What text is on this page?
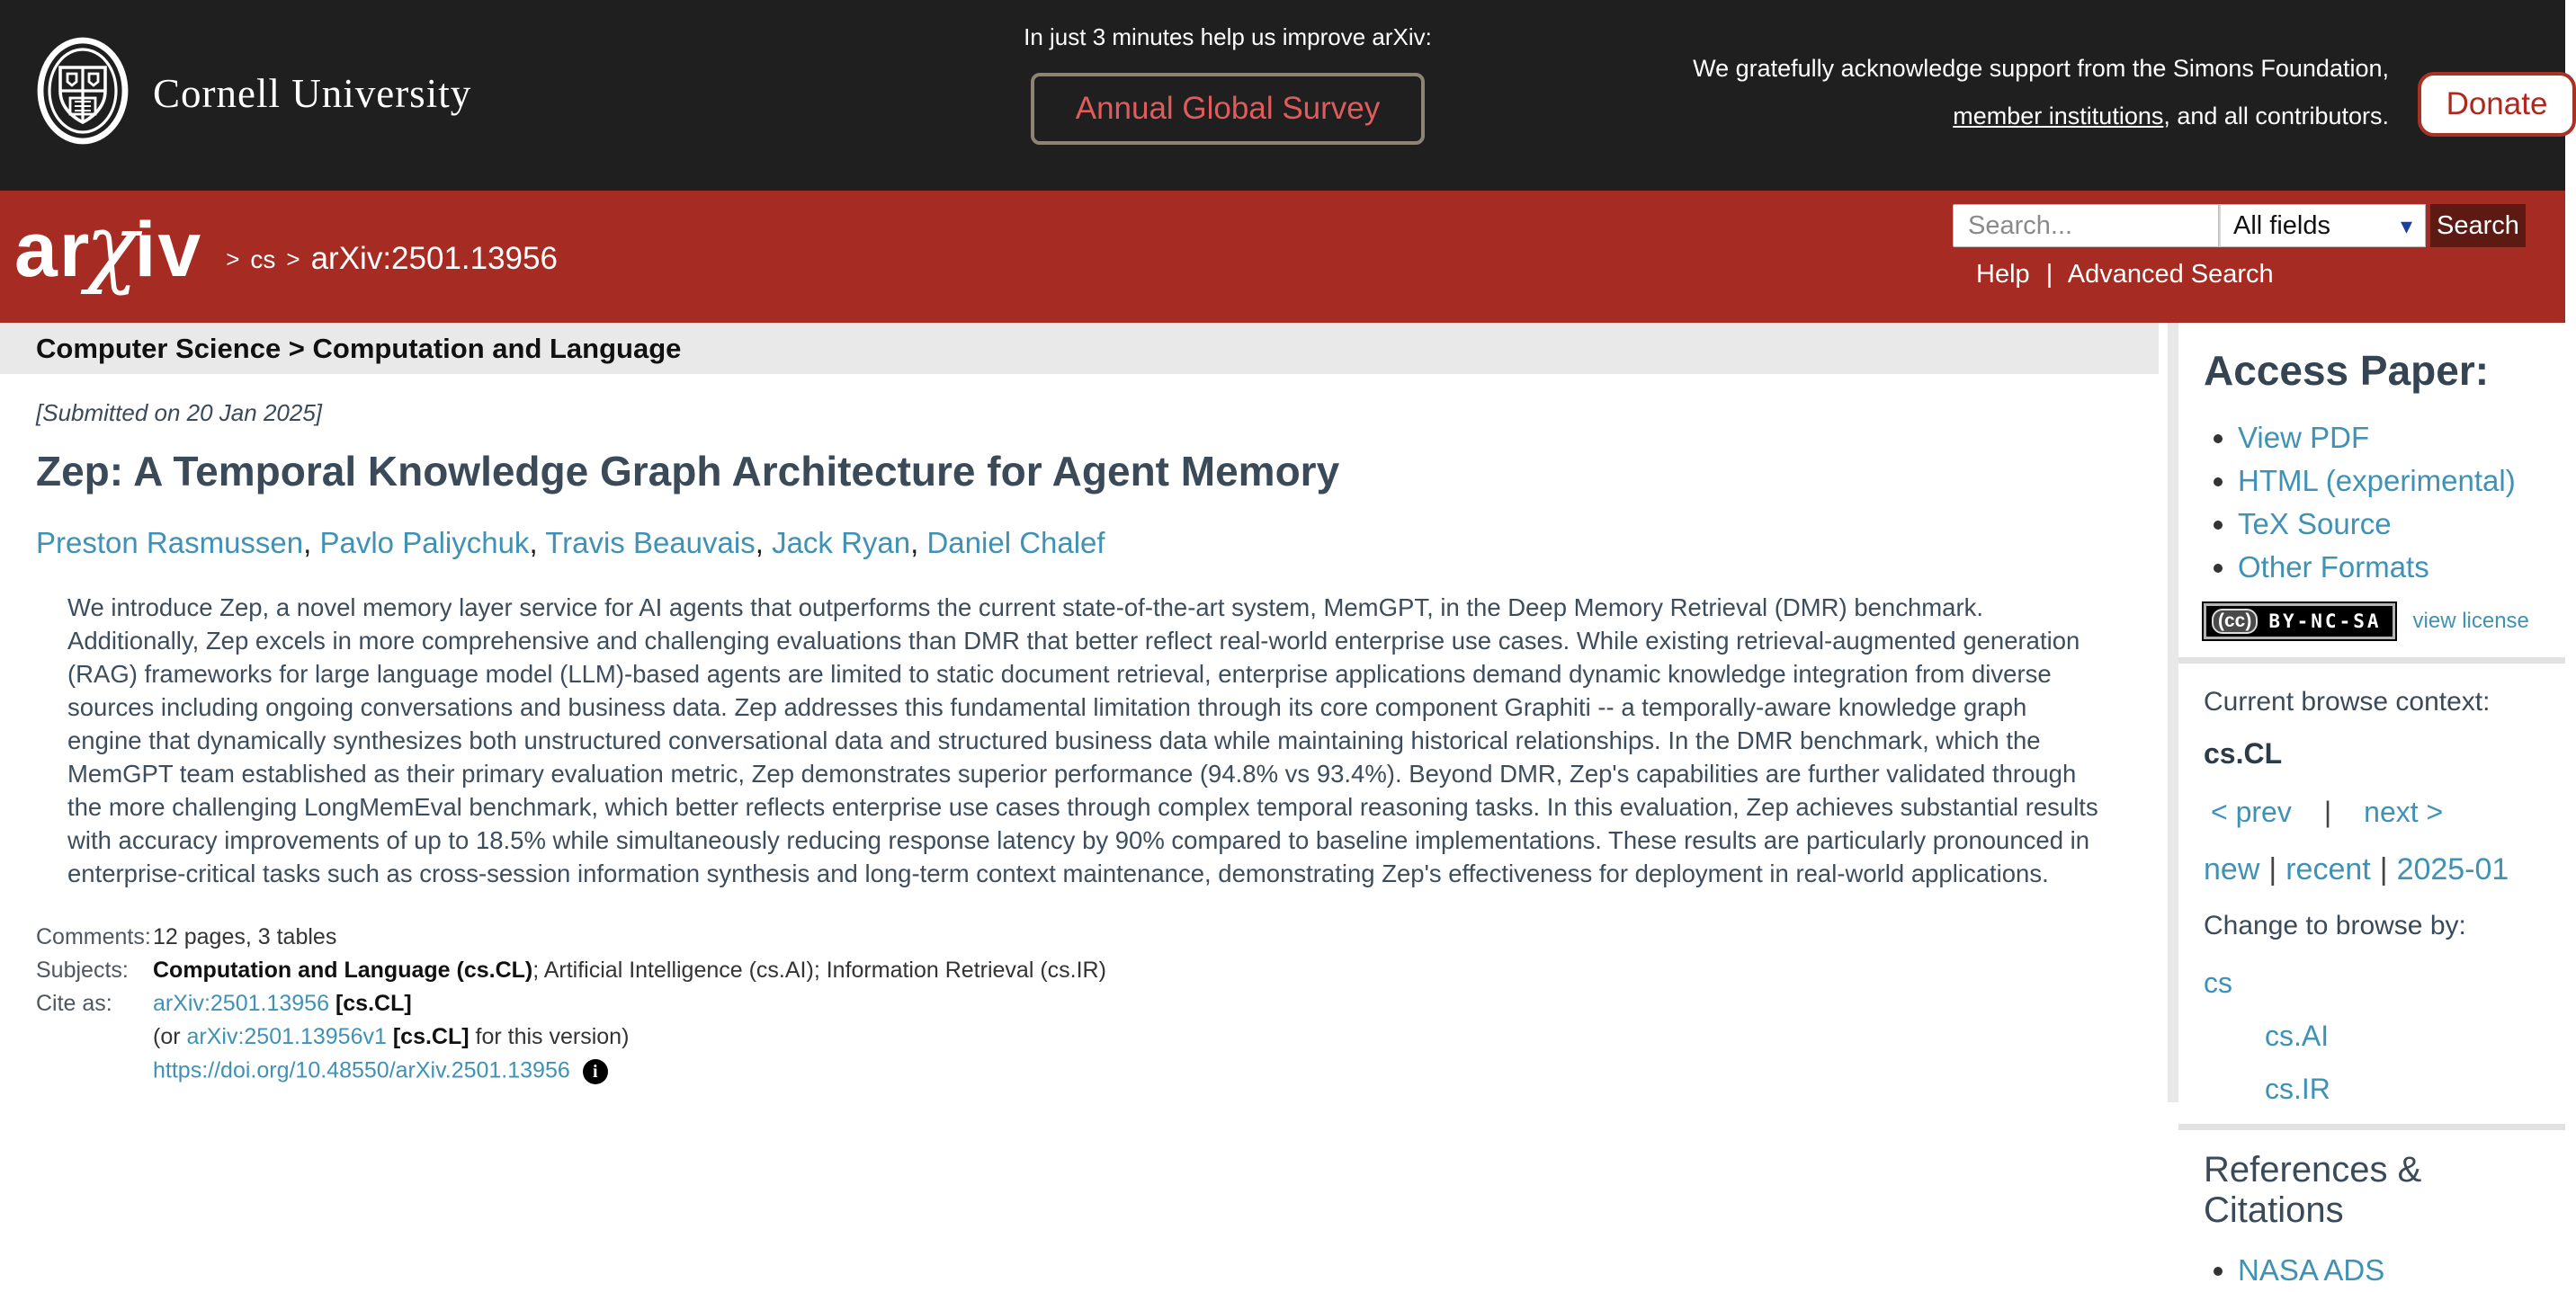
Cornell University
In just 3 minutes help us improve arXiv:
Annual Global Survey
We gratefully acknowledge support from the Simons Foundation,
member institutions, and all contributors.	Donate
arχiv > cs > arXiv:2501.13956
Search...
All fields	▾ Search
Help | Advanced Search
Computer Science > Computation and Language
[Submitted on 20 Jan 2025]
Zep: A Temporal Knowledge Graph Architecture for Agent Memory
Preston Rasmussen, Pavlo Paliychuk, Travis Beauvais, Jack Ryan, Daniel Chalef

We introduce Zep, a novel memory layer service for AI agents that outperforms the current state-of-the-art system, MemGPT, in the Deep Memory Retrieval (DMR) benchmark. Additionally, Zep excels in more comprehensive and challenging evaluations than DMR that better reflect real-world enterprise use cases. While existing retrieval-augmented generation (RAG) frameworks for large language model (LLM)-based agents are limited to static document retrieval, enterprise applications demand dynamic knowledge integration from diverse sources including ongoing conversations and business data. Zep addresses this fundamental limitation through its core component Graphiti -- a temporally-aware knowledge graph engine that dynamically synthesizes both unstructured conversational data and structured business data while maintaining historical relationships. In the DMR benchmark, which the MemGPT team established as their primary evaluation metric, Zep demonstrates superior performance (94.8% vs 93.4%). Beyond DMR, Zep's capabilities are further validated through the more challenging LongMemEval benchmark, which better reflects enterprise use cases through complex temporal reasoning tasks. In this evaluation, Zep achieves substantial results with accuracy improvements of up to 18.5% while simultaneously reducing response latency by 90% compared to baseline implementations. These results are particularly pronounced in enterprise-critical tasks such as cross-session information synthesis and long-term context maintenance, demonstrating Zep's effectiveness for deployment in real-world applications.

Comments: 12 pages, 3 tables
Subjects:	Computation and Language (cs.CL); Artificial Intelligence (cs.AI); Information Retrieval (cs.IR)
Cite as:	arXiv:2501.13956 [cs.CL]
(or arXiv:2501.13956v1 [cs.CL] for this version)
https://doi.org/10.48550/arXiv.2501.13956 i
Access Paper:
• View PDF
• HTML (experimental)
• TeX Source
• Other Formats
(cc) BY-NC-SA view license
Current browse context:
cs.CL
< prev | next >
new | recent | 2025-01
Change to browse by:
cs
cs.AI
cs.IR
References & Citations
• NASA ADS
